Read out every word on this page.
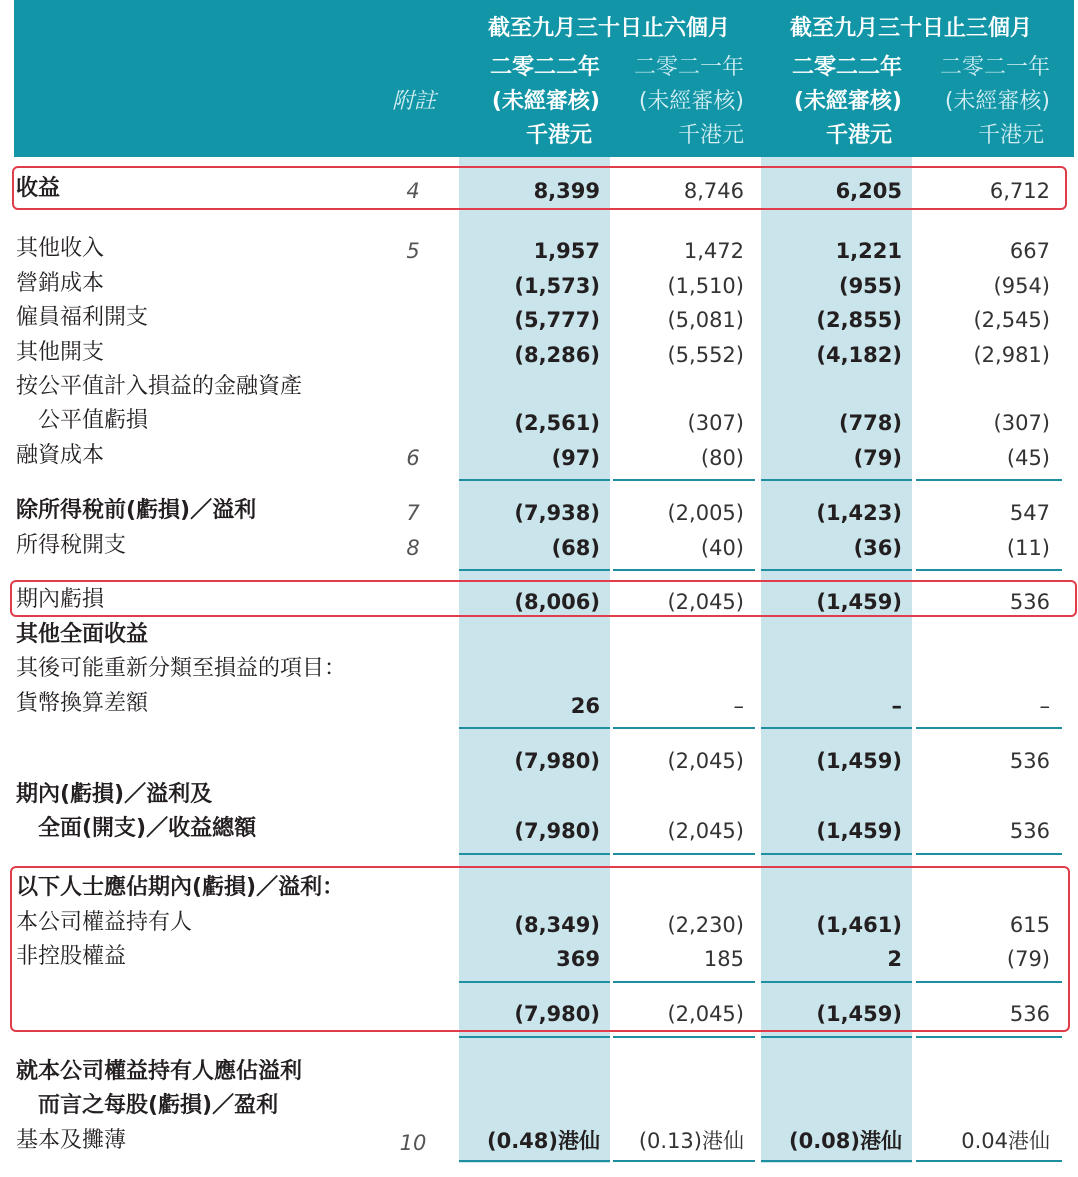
截至九月三十日止六個月	截至九月三十日止三個月
二零二二年 二零二一年 二零二二年 二零二一年
附註	(未經審核) (未經審核) (未經審核) (未經審核)
千港元	千港元	千港元	千港元
收益	4	8,399	8,746	6,205	6,712
其他收入	5	1,957	1,472	1,221	667
營銷成本	(1,573)	(1,510)	(955)	(954)
僱員福利開支	(5,777)	(5,081)	(2,855)	(2,545)
其他開支	(8,286)	(5,552)	(4,182)	(2,981)
按公平值計入損益的金融資產
公平值虧損	(2,561)	(307)	(778)	(307)
融資成本	6	(97)	(80)	(79)	(45)
除所得稅前(虧損)／溢利	7	(7,938)	(2,005)	(1,423)	547
所得稅開支	8	(68)	(40)	(36)	(11)
期內虧損	(8,006)	(2,045)	(1,459)	536
其他全面收益
其後可能重新分類至損益的項目：
貨幣換算差額	26	–	–	–
(7,980)	(2,045)	(1,459)	536
期內(虧損)／溢利及
全面(開支)／收益總額	(7,980)	(2,045)	(1,459)	536
以下人士應佔期內(虧損)／溢利：
本公司權益持有人	(8,349)	(2,230)	(1,461)	615
非控股權益	369	185	2	(79)
(7,980)	(2,045)	(1,459)	536
就本公司權益持有人應佔溢利
而言之每股(虧損)／盈利
基本及攤薄	10	(0.48)港仙 (0.13)港仙 (0.08)港仙	0.04港仙
